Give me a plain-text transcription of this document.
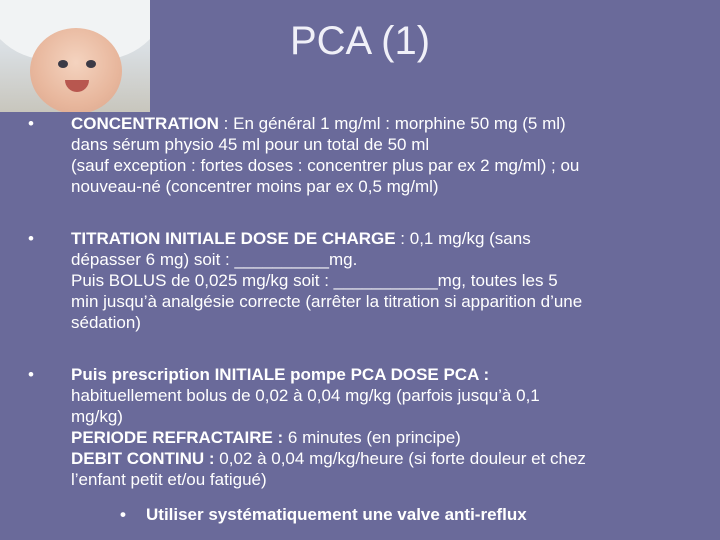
PCA (1)
• CONCENTRATION : En général 1 mg/ml : morphine 50 mg (5 ml)
dans sérum physio 45 ml pour un total de 50 ml
(sauf exception : fortes doses : concentrer plus par ex 2 mg/ml) ; ou
nouveau-né (concentrer moins par ex 0,5 mg/ml)
• TITRATION INITIALE DOSE DE CHARGE : 0,1 mg/kg (sans
dépasser 6 mg) soit : __________mg.
Puis BOLUS de 0,025 mg/kg soit : ___________mg, toutes les 5
min jusqu’à analgésie correcte (arrêter la titration si apparition d’une
sédation)
• Puis prescription INITIALE pompe PCA DOSE PCA :
habituellement bolus de 0,02 à 0,04 mg/kg (parfois jusqu’à 0,1
mg/kg)
PERIODE REFRACTAIRE : 6 minutes (en principe)
DEBIT CONTINU : 0,02 à 0,04 mg/kg/heure (si forte douleur et chez
l’enfant petit et/ou fatigué)
• Utiliser systématiquement une valve anti-reflux
